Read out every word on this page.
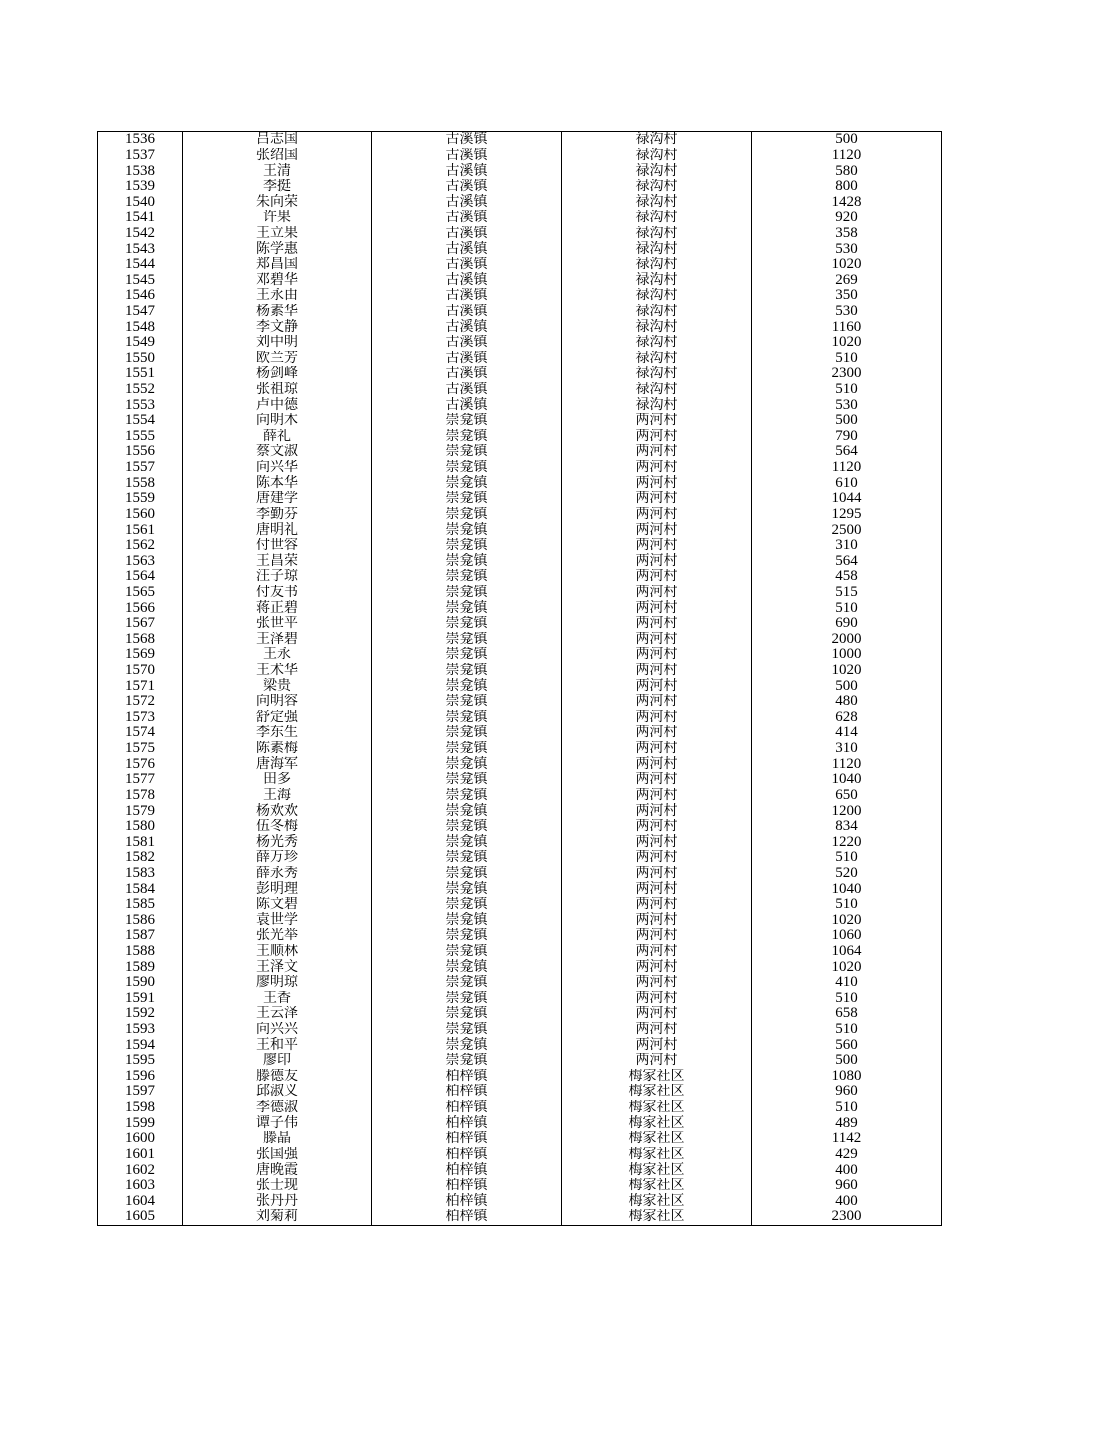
1536	吕志国	古溪镇	禄沟村	500
1537	张绍国	古溪镇	禄沟村	1120
1538	王清	古溪镇	禄沟村	580
1539	李挺	古溪镇	禄沟村	800
1540	朱向荣	古溪镇	禄沟村	1428
1541	许果	古溪镇	禄沟村	920
1542	王立果	古溪镇	禄沟村	358
1543	陈学惠	古溪镇	禄沟村	530
1544	郑昌国	古溪镇	禄沟村	1020
1545	邓碧华	古溪镇	禄沟村	269
1546	王永由	古溪镇	禄沟村	350
1547	杨素华	古溪镇	禄沟村	530
1548	李文静	古溪镇	禄沟村	1160
1549	刘中明	古溪镇	禄沟村	1020
1550	欧兰芳	古溪镇	禄沟村	510
1551	杨剑峰	古溪镇	禄沟村	2300
1552	张祖琼	古溪镇	禄沟村	510
1553	卢中德	古溪镇	禄沟村	530
1554	向明木	崇龛镇	两河村	500
1555	薛礼	崇龛镇	两河村	790
1556	蔡文淑	崇龛镇	两河村	564
1557	向兴华	崇龛镇	两河村	1120
1558	陈本华	崇龛镇	两河村	610
1559	唐建学	崇龛镇	两河村	1044
1560	李勤芬	崇龛镇	两河村	1295
1561	唐明礼	崇龛镇	两河村	2500
1562	付世容	崇龛镇	两河村	310
1563	王昌荣	崇龛镇	两河村	564
1564	汪子琼	崇龛镇	两河村	458
1565	付友书	崇龛镇	两河村	515
1566	蒋正碧	崇龛镇	两河村	510
1567	张世平	崇龛镇	两河村	690
1568	王泽碧	崇龛镇	两河村	2000
1569	王永	崇龛镇	两河村	1000
1570	王术华	崇龛镇	两河村	1020
1571	梁贵	崇龛镇	两河村	500
1572	向明容	崇龛镇	两河村	480
1573	舒定强	崇龛镇	两河村	628
1574	李东生	崇龛镇	两河村	414
1575	陈素梅	崇龛镇	两河村	310
1576	唐海军	崇龛镇	两河村	1120
1577	田多	崇龛镇	两河村	1040
1578	王海	崇龛镇	两河村	650
1579	杨欢欢	崇龛镇	两河村	1200
1580	伍冬梅	崇龛镇	两河村	834
1581	杨光秀	崇龛镇	两河村	1220
1582	薛万珍	崇龛镇	两河村	510
1583	薛永秀	崇龛镇	两河村	520
1584	彭明理	崇龛镇	两河村	1040
1585	陈文碧	崇龛镇	两河村	510
1586	袁世学	崇龛镇	两河村	1020
1587	张光举	崇龛镇	两河村	1060
1588	王顺林	崇龛镇	两河村	1064
1589	王泽文	崇龛镇	两河村	1020
1590	廖明琼	崇龛镇	两河村	410
1591	王香	崇龛镇	两河村	510
1592	王云泽	崇龛镇	两河村	658
1593	向兴兴	崇龛镇	两河村	510
1594	王和平	崇龛镇	两河村	560
1595	廖印	崇龛镇	两河村	500
1596	滕德友	柏梓镇	梅家社区	1080
1597	邱淑义	柏梓镇	梅家社区	960
1598	李德淑	柏梓镇	梅家社区	510
1599	谭子伟	柏梓镇	梅家社区	489
1600	滕晶	柏梓镇	梅家社区	1142
1601	张国强	柏梓镇	梅家社区	429
1602	唐晚霞	柏梓镇	梅家社区	400
1603	张士现	柏梓镇	梅家社区	960
1604	张丹丹	柏梓镇	梅家社区	400
1605	刘菊莉	柏梓镇	梅家社区	2300
